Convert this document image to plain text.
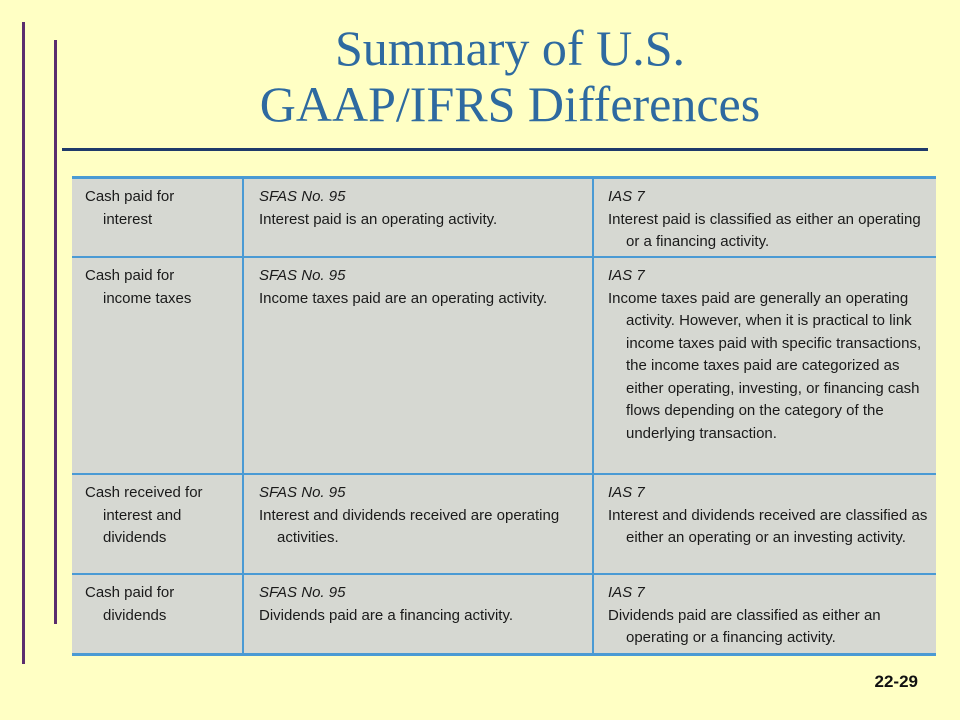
Summary of U.S.
GAAP/IFRS Differences
Cash paid for
interest
SFAS No. 95
Interest paid is an operating activity.
IAS 7
Interest paid is classified as either an operating or a financing activity.
Cash paid for
income taxes
SFAS No. 95
Income taxes paid are an operating activity.
IAS 7
Income taxes paid are generally an operating activity. However, when it is practical to link income taxes paid with specific transactions, the income taxes paid are categorized as either operating, investing, or financing cash flows depending on the category of the underlying transaction.
Cash received for
interest and dividends
SFAS No. 95
Interest and dividends received are operating activities.
IAS 7
Interest and dividends received are classified as either an operating or an investing activity.
Cash paid for
dividends
SFAS No. 95
Dividends paid are a financing activity.
IAS 7
Dividends paid are classified as either an operating or a financing activity.
22-29
